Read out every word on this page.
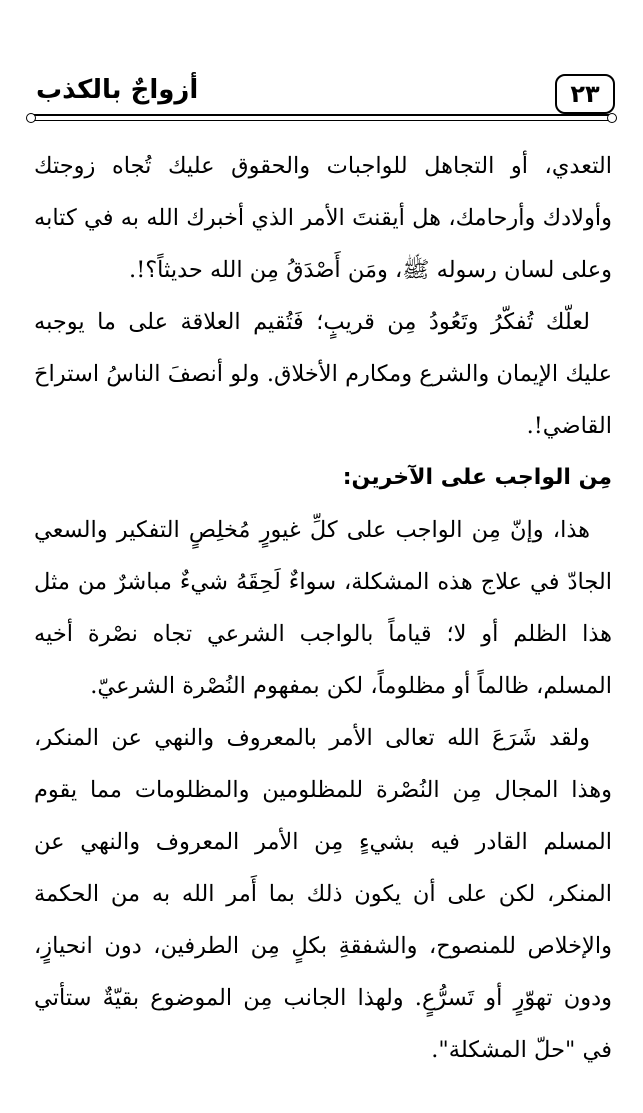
٢٣
أزواجٌ بالكذب

التعدي، أو التجاهل للواجبات والحقوق عليك تُجاه زوجتك وأولادك وأرحامك، هل أيقنتَ الأمر الذي أخبرك الله به في كتابه وعلى لسان رسوله ﷺ، ومَن أَصْدَقُ مِن الله حديثاً؟!.

لعلّك تُفكّرُ وتَعُودُ مِن قريبٍ؛ فَتُقيم العلاقة على ما يوجبه عليك الإيمان والشرع ومكارم الأخلاق. ولو أنصفَ الناسُ استراحَ القاضي!.

مِن الواجب على الآخرين:

هذا، وإنّ مِن الواجب على كلِّ غيورٍ مُخلِصٍ التفكير والسعي الجادّ في علاج هذه المشكلة، سواءٌ لَحِقَهُ شيءٌ مباشرٌ من مثل هذا الظلم أو لا؛ قياماً بالواجب الشرعي تجاه نصْرة أخيه المسلم، ظالماً أو مظلوماً، لكن بمفهوم النُصْرة الشرعيّ.

ولقد شَرَعَ الله تعالى الأمر بالمعروف والنهي عن المنكر، وهذا المجال مِن النُصْرة للمظلومين والمظلومات مما يقوم المسلم القادر فيه بشيءٍ مِن الأمر المعروف والنهي عن المنكر، لكن على أن يكون ذلك بما أَمر الله به من الحكمة والإخلاص للمنصوح، والشفقةِ بكلٍ مِن الطرفين، دون انحيازٍ، ودون تهوّرٍ أو تَسرُّعٍ. ولهذا الجانب مِن الموضوع بقيّةٌ ستأتي في "حلّ المشكلة".
